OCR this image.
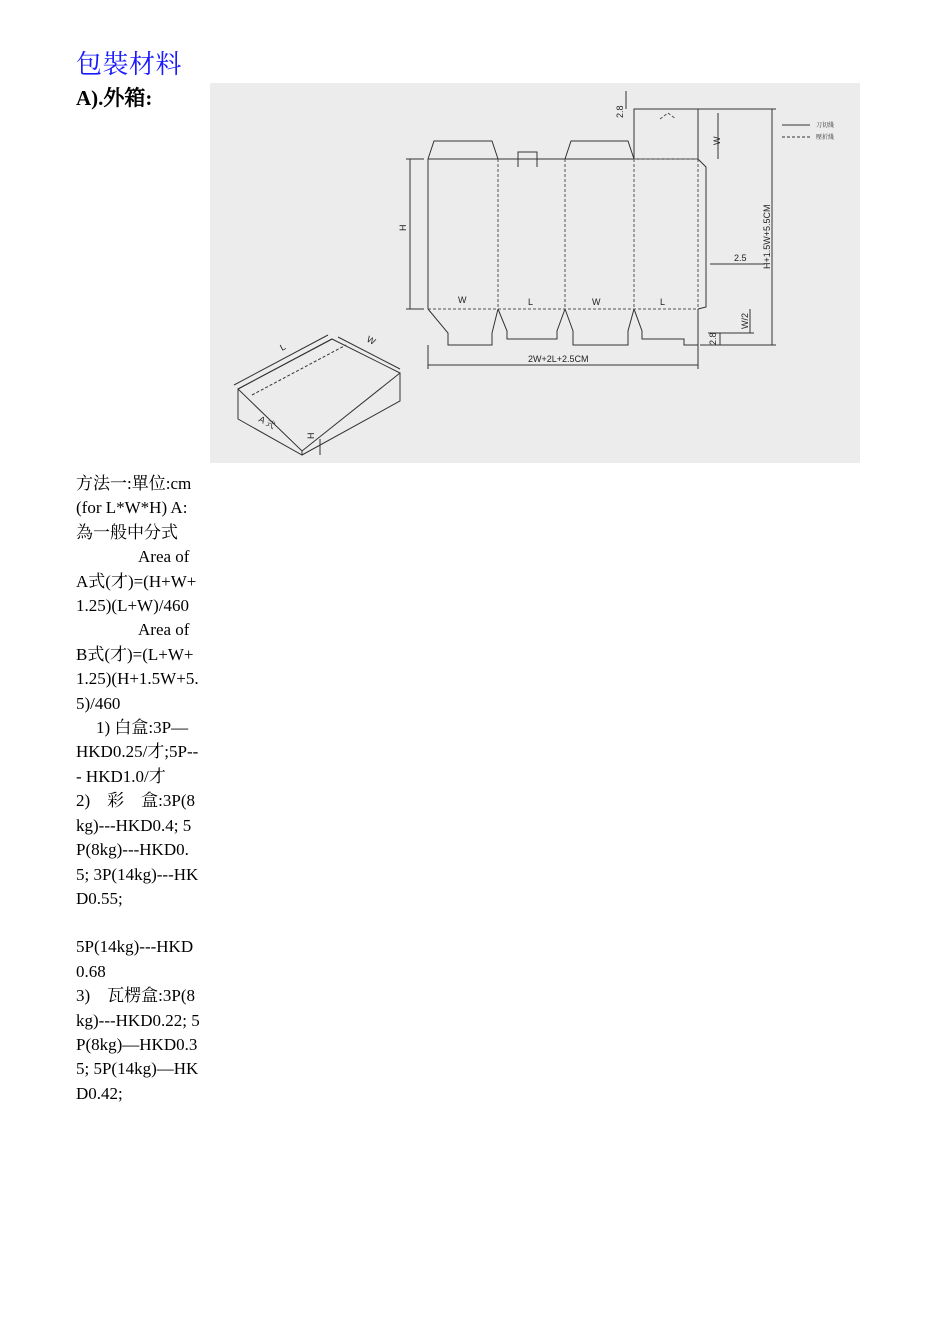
包裝材料
A).外箱:
2.8
W
H	H+1.5W+5.5CM
2.5
W/2
2.8
2W+2L+2.5CM
W	L	W	L
刀切綫
壓折綫
L
W
H
A 式

方法一:單位:cm (for L*W*H) A:為一般中分式

Area of

A式(才)=(H+W+1.25)(L+W)/460

Area of

B式(才)=(L+W+1.25)(H+1.5W+5.5)/460

1) 白盒:3P—

HKD0.25/才;5P--- HKD1.0/才

2)　彩　盒:3P(8kg)---HKD0.4; 5P(8kg)---HKD0.5; 3P(14kg)---HKD0.55;

5P(14kg)---HKD0.68

3)　瓦楞盒:3P(8kg)---HKD0.22; 5P(8kg)—HKD0.35; 5P(14kg)—HKD0.42;
